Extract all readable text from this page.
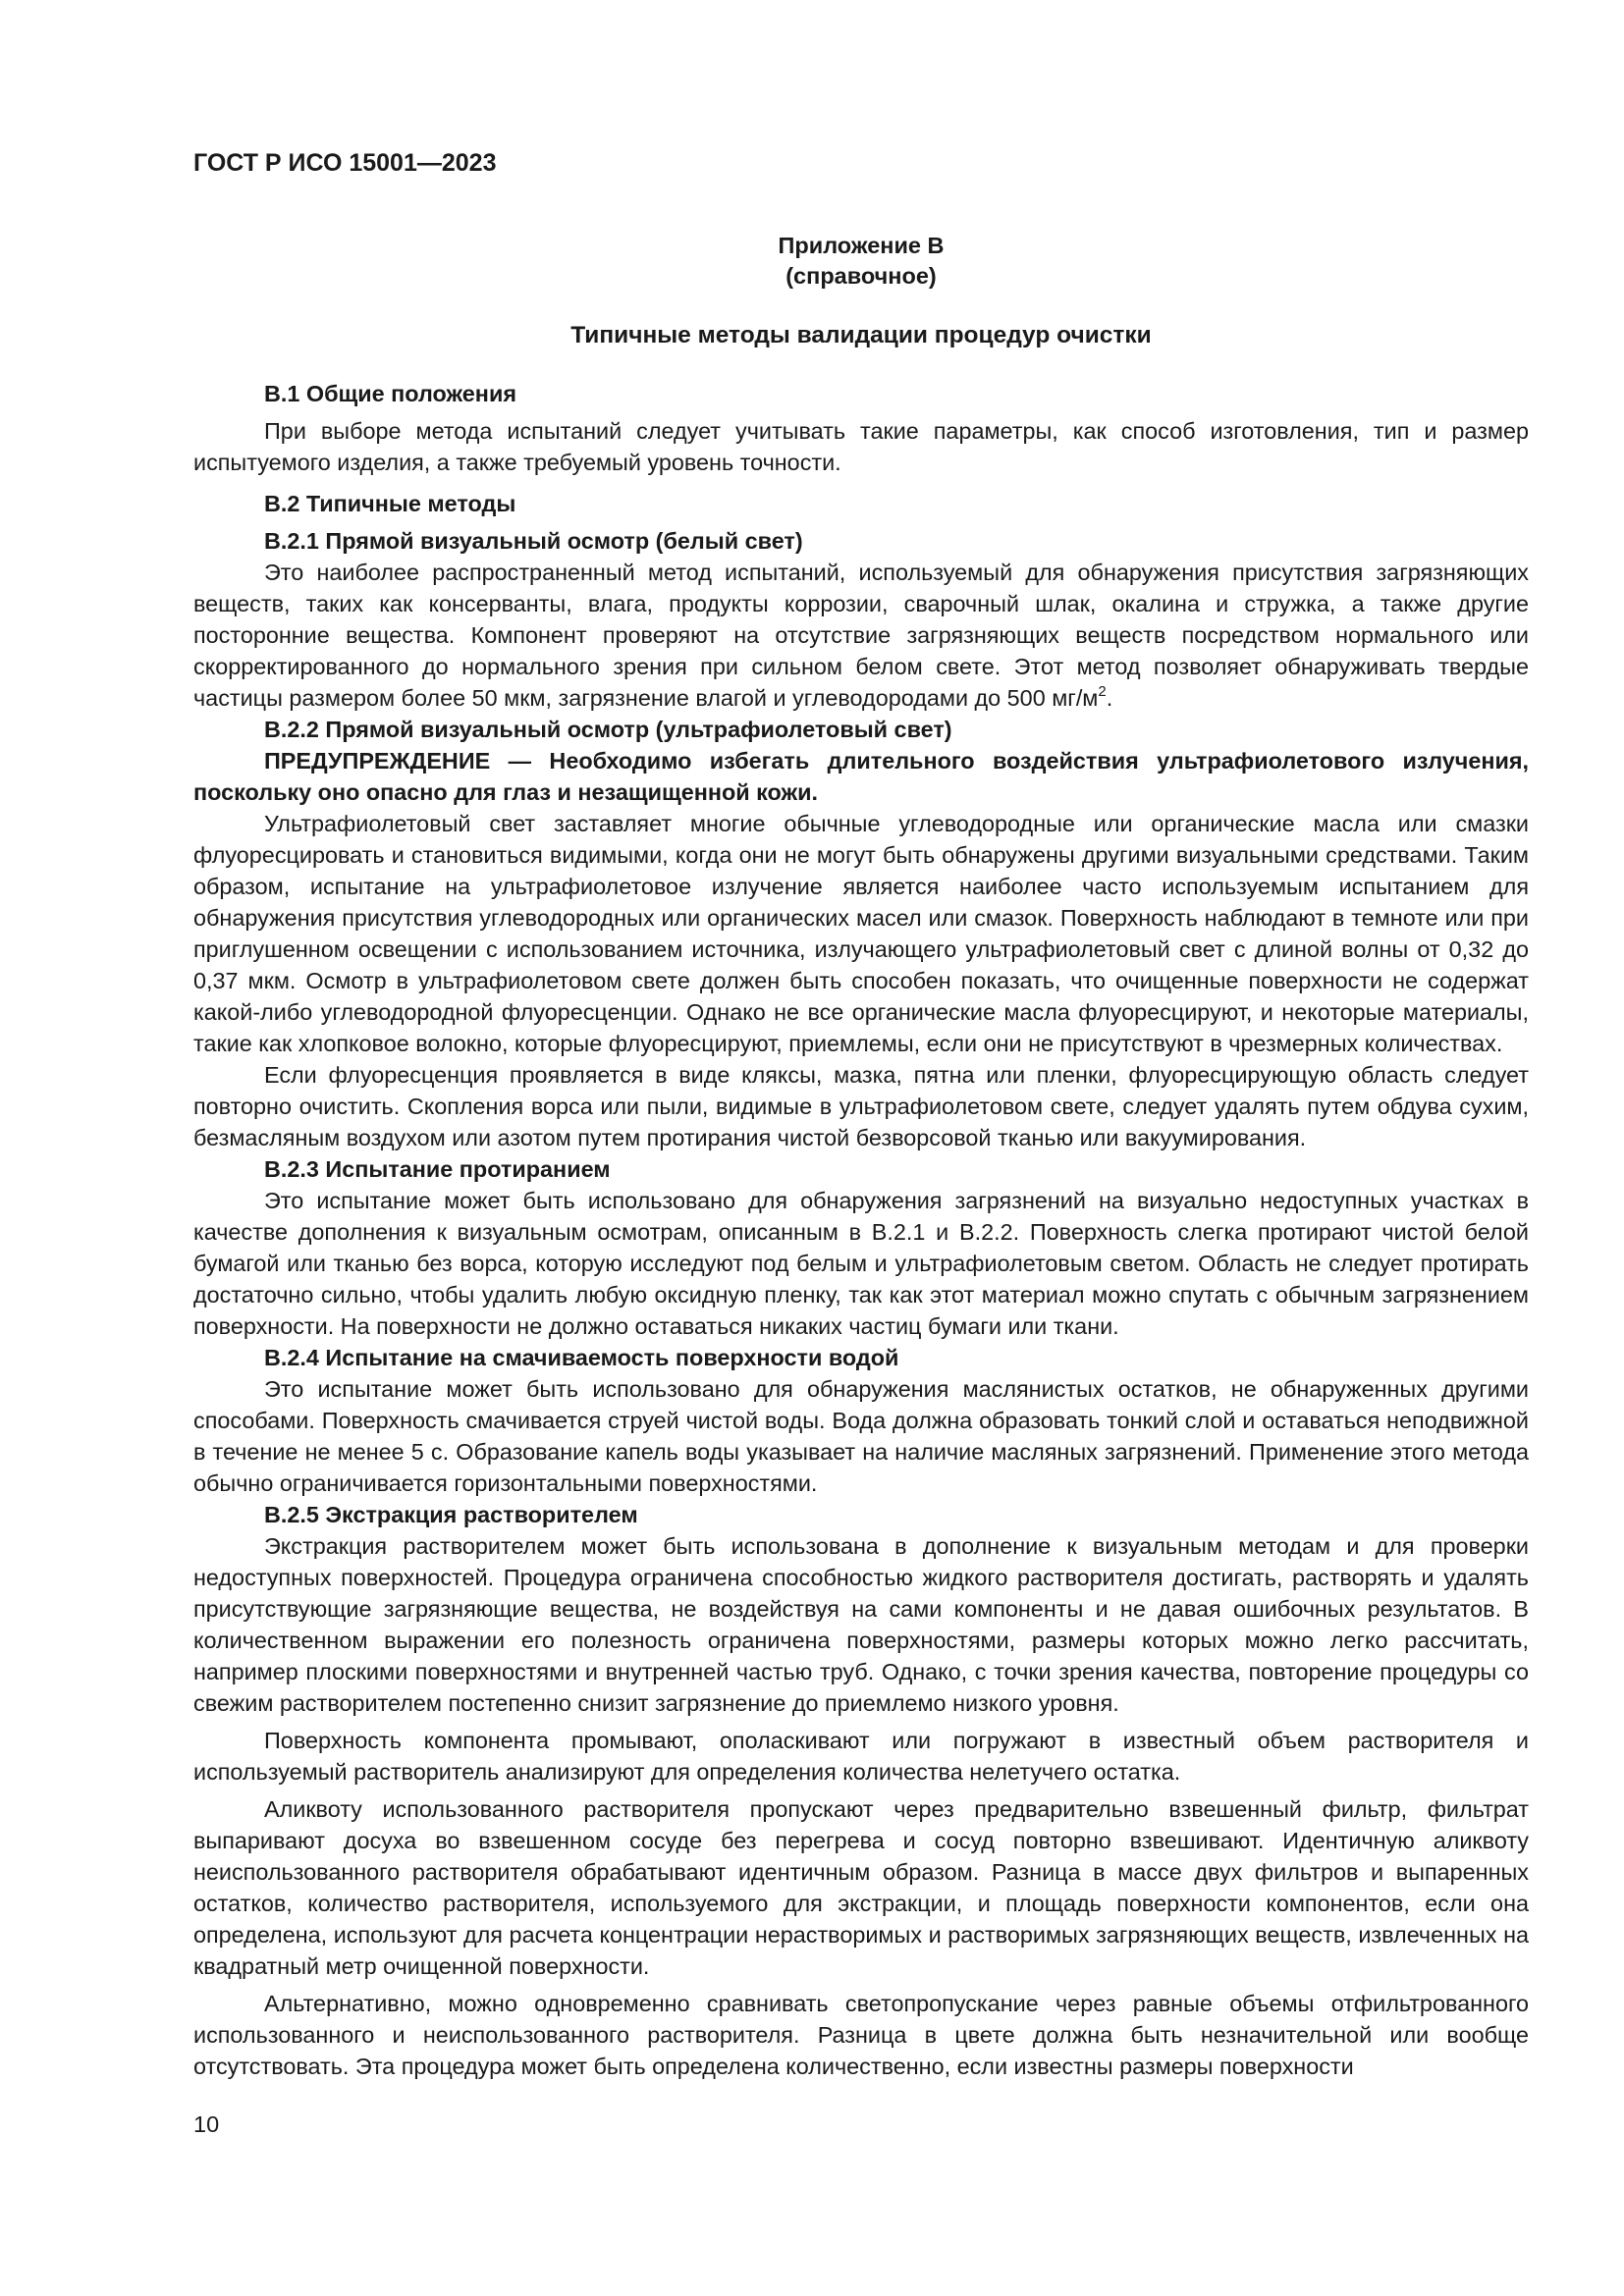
ГОСТ Р ИСО 15001—2023
Приложение В
(справочное)
Типичные методы валидации процедур очистки

В.1 Общие положения

При выборе метода испытаний следует учитывать такие параметры, как способ изготовления, тип и размер испытуемого изделия, а также требуемый уровень точности.

В.2 Типичные методы

В.2.1 Прямой визуальный осмотр (белый свет)

Это наиболее распространенный метод испытаний, используемый для обнаружения присутствия загрязняющих веществ, таких как консерванты, влага, продукты коррозии, сварочный шлак, окалина и стружка, а также другие посторонние вещества. Компонент проверяют на отсутствие загрязняющих веществ посредством нормального или скорректированного до нормального зрения при сильном белом свете. Этот метод позволяет обнаруживать твердые частицы размером более 50 мкм, загрязнение влагой и углеводородами до 500 $мг/м^2$.

В.2.2 Прямой визуальный осмотр (ультрафиолетовый свет)

ПРЕДУПРЕЖДЕНИЕ — Необходимо избегать длительного воздействия ультрафиолетового излучения, поскольку оно опасно для глаз и незащищенной кожи.

Ультрафиолетовый свет заставляет многие обычные углеводородные или органические масла или смазки флуоресцировать и становиться видимыми, когда они не могут быть обнаружены другими визуальными средствами. Таким образом, испытание на ультрафиолетовое излучение является наиболее часто используемым испытанием для обнаружения присутствия углеводородных или органических масел или смазок. Поверхность наблюдают в темноте или при приглушенном освещении с использованием источника, излучающего ультрафиолетовый свет с длиной волны от 0,32 до 0,37 мкм. Осмотр в ультрафиолетовом свете должен быть способен показать, что очищенные поверхности не содержат какой-либо углеводородной флуоресценции. Однако не все органические масла флуоресцируют, и некоторые материалы, такие как хлопковое волокно, которые флуоресцируют, приемлемы, если они не присутствуют в чрезмерных количествах.

Если флуоресценция проявляется в виде кляксы, мазка, пятна или пленки, флуоресцирующую область следует повторно очистить. Скопления ворса или пыли, видимые в ультрафиолетовом свете, следует удалять путем обдува сухим, безмасляным воздухом или азотом путем протирания чистой безворсовой тканью или вакуумирования.

В.2.3 Испытание протиранием

Это испытание может быть использовано для обнаружения загрязнений на визуально недоступных участках в качестве дополнения к визуальным осмотрам, описанным в В.2.1 и В.2.2. Поверхность слегка протирают чистой белой бумагой или тканью без ворса, которую исследуют под белым и ультрафиолетовым светом. Область не следует протирать достаточно сильно, чтобы удалить любую оксидную пленку, так как этот материал можно спутать с обычным загрязнением поверхности. На поверхности не должно оставаться никаких частиц бумаги или ткани.

В.2.4 Испытание на смачиваемость поверхности водой

Это испытание может быть использовано для обнаружения маслянистых остатков, не обнаруженных другими способами. Поверхность смачивается струей чистой воды. Вода должна образовать тонкий слой и оставаться неподвижной в течение не менее 5 с. Образование капель воды указывает на наличие масляных загрязнений. Применение этого метода обычно ограничивается горизонтальными поверхностями.

В.2.5 Экстракция растворителем

Экстракция растворителем может быть использована в дополнение к визуальным методам и для проверки недоступных поверхностей. Процедура ограничена способностью жидкого растворителя достигать, растворять и удалять присутствующие загрязняющие вещества, не воздействуя на сами компоненты и не давая ошибочных результатов. В количественном выражении его полезность ограничена поверхностями, размеры которых можно легко рассчитать, например плоскими поверхностями и внутренней частью труб. Однако, с точки зрения качества, повторение процедуры со свежим растворителем постепенно снизит загрязнение до приемлемо низкого уровня.

Поверхность компонента промывают, ополаскивают или погружают в известный объем растворителя и используемый растворитель анализируют для определения количества нелетучего остатка.

Аликвоту использованного растворителя пропускают через предварительно взвешенный фильтр, фильтрат выпаривают досуха во взвешенном сосуде без перегрева и сосуд повторно взвешивают. Идентичную аликвоту неиспользованного растворителя обрабатывают идентичным образом. Разница в массе двух фильтров и выпаренных остатков, количество растворителя, используемого для экстракции, и площадь поверхности компонентов, если она определена, используют для расчета концентрации нерастворимых и растворимых загрязняющих веществ, извлеченных на квадратный метр очищенной поверхности.

Альтернативно, можно одновременно сравнивать светопропускание через равные объемы отфильтрованного использованного и неиспользованного растворителя. Разница в цвете должна быть незначительной или вообще отсутствовать. Эта процедура может быть определена количественно, если известны размеры поверхности

10
